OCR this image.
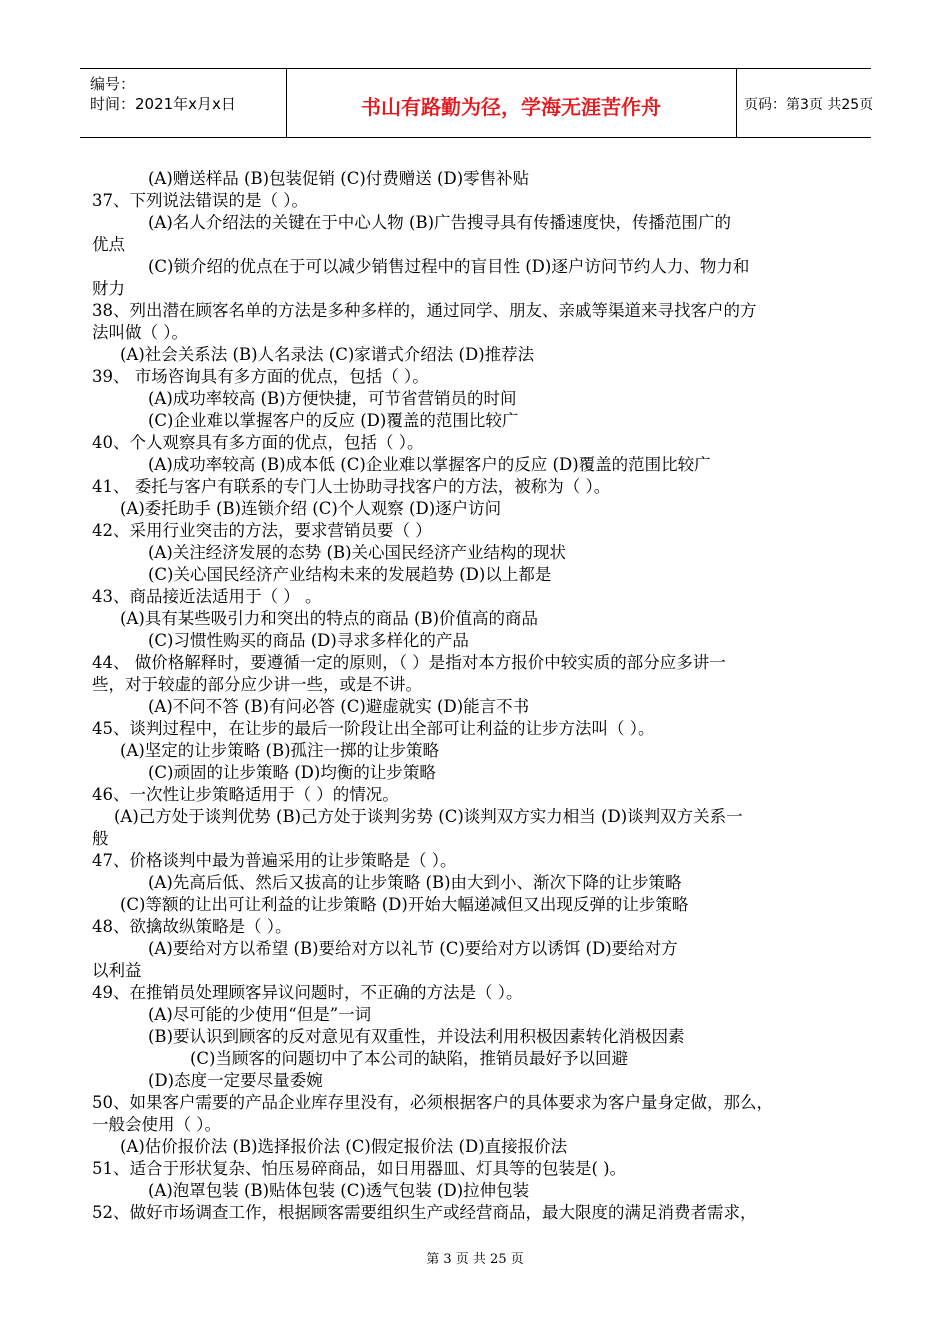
编号：
时间：2021年x月x日	书山有路勤为径，学海无涯苦作舟	页码：第3页 共25页
(A)赠送样品 (B)包装促销 (C)付费赠送 (D)零售补贴
37、下列说法错误的是（ ）。
(A)名人介绍法的关键在于中心人物 (B)广告搜寻具有传播速度快，传播范围广的
优点
(C)锁介绍的优点在于可以减少销售过程中的盲目性 (D)逐户访问节约人力、物力和
财力
38、列出潜在顾客名单的方法是多种多样的，通过同学、朋友、亲戚等渠道来寻找客户的方
法叫做（ ）。
(A)社会关系法 (B)人名录法 (C)家谱式介绍法 (D)推荐法
39、 市场咨询具有多方面的优点，包括（ ）。
(A)成功率较高 (B)方便快捷，可节省营销员的时间
(C)企业难以掌握客户的反应 (D)覆盖的范围比较广
40、个人观察具有多方面的优点，包括（ ）。
(A)成功率较高 (B)成本低 (C)企业难以掌握客户的反应 (D)覆盖的范围比较广
41、 委托与客户有联系的专门人士协助寻找客户的方法，被称为（ ）。
(A)委托助手 (B)连锁介绍 (C)个人观察 (D)逐户访问
42、采用行业突击的方法，要求营销员要（ ）
(A)关注经济发展的态势 (B)关心国民经济产业结构的现状
(C)关心国民经济产业结构未来的发展趋势 (D)以上都是
43、商品接近法适用于（ ） 。
(A)具有某些吸引力和突出的特点的商品 (B)价值高的商品
(C)习惯性购买的商品 (D)寻求多样化的产品
44、 做价格解释时，要遵循一定的原则，（ ）是指对本方报价中较实质的部分应多讲一
些，对于较虚的部分应少讲一些，或是不讲。
(A)不问不答 (B)有问必答 (C)避虚就实 (D)能言不书
45、谈判过程中，在让步的最后一阶段让出全部可让利益的让步方法叫（ ）。
(A)坚定的让步策略 (B)孤注一掷的让步策略
(C)顽固的让步策略 (D)均衡的让步策略
46、一次性让步策略适用于（ ）的情况。
(A)己方处于谈判优势 (B)己方处于谈判劣势 (C)谈判双方实力相当 (D)谈判双方关系一
般
47、价格谈判中最为普遍采用的让步策略是（ ）。
(A)先高后低、然后又拔高的让步策略 (B)由大到小、渐次下降的让步策略
(C)等额的让出可让利益的让步策略 (D)开始大幅递减但又出现反弹的让步策略
48、欲擒故纵策略是（ ）。
(A)要给对方以希望 (B)要给对方以礼节 (C)要给对方以诱饵 (D)要给对方
以利益
49、在推销员处理顾客异议问题时，不正确的方法是（ ）。
(A)尽可能的少使用“但是”一词
(B)要认识到顾客的反对意见有双重性，并设法利用积极因素转化消极因素
(C)当顾客的问题切中了本公司的缺陷，推销员最好予以回避
(D)态度一定要尽量委婉
50、如果客户需要的产品企业库存里没有，必须根据客户的具体要求为客户量身定做，那么，
一般会使用（ ）。
(A)估价报价法 (B)选择报价法 (C)假定报价法 (D)直接报价法
51、适合于形状复杂、怕压易碎商品，如日用器皿、灯具等的包装是( )。
(A)泡罩包装 (B)贴体包装 (C)透气包装 (D)拉伸包装
52、做好市场调查工作，根据顾客需要组织生产或经营商品，最大限度的满足消费者需求，
第 3 页 共 25 页
